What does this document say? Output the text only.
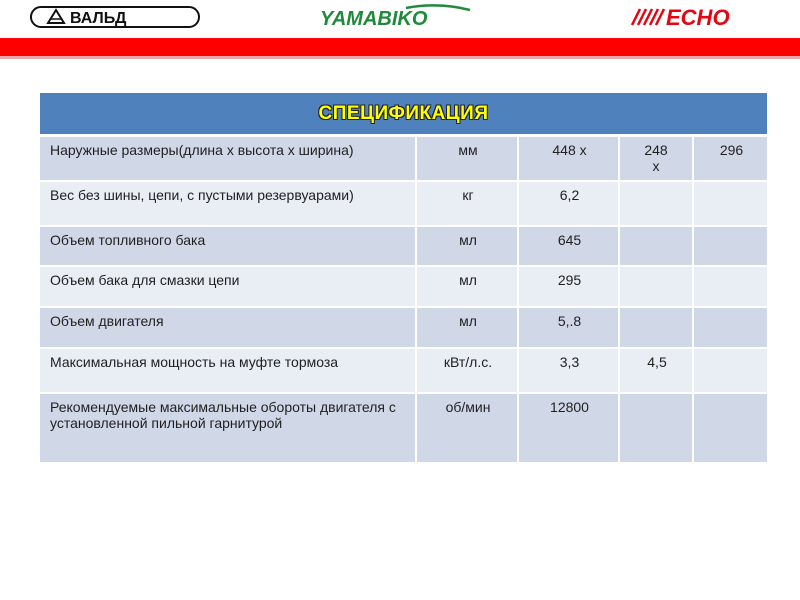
ВАЛЬД	YAMABIKO	ECHO
СПЕЦИФИКАЦИЯ				
Наружные размеры(длина х высота х ширина)	мм	448 х	248 х	296
Вес без шины, цепи, с пустыми резервуарами)	кг	6,2		
Объем топливного бака	мл	645		
Объем бака для смазки цепи	мл	295		
Объем двигателя	мл	5,.8		
Максимальная мощность на муфте тормоза	кВт/л.с.	3,3	4,5	
Рекомендуемые максимальные обороты двигателя с установленной пильной гарнитурой	об/мин	12800		
